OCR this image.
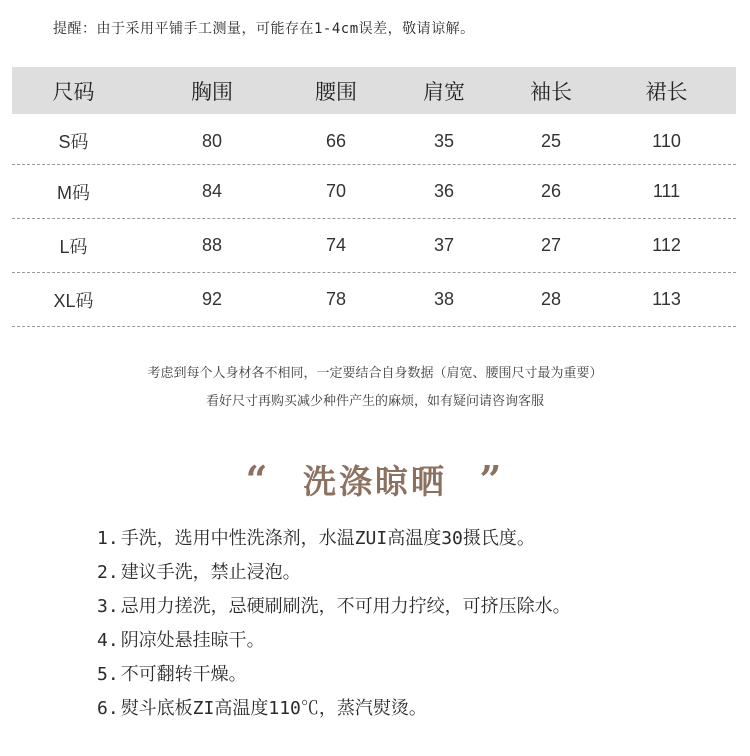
提醒：由于采用平铺手工测量，可能存在1-4cm误差，敬请谅解。
尺码	胸围	腰围	肩宽	袖长	裙长
S码	80	66	35	25	110
M码	84	70	36	26	111
L码	88	74	37	27	112
XL码	92	78	38	28	113
考虑到每个人身材各不相同，一定要结合自身数据（肩宽、腰围尺寸最为重要）
看好尺寸再购买减少种件产生的麻烦，如有疑问请咨询客服
“ 洗涤晾晒 ”
1. 手洗，选用中性洗涤剂，水温ZUI高温度30摄氏度。
2. 建议手洗，禁止浸泡。
3. 忌用力搓洗，忌硬刷刷洗，不可用力拧绞，可挤压除水。
4. 阴凉处悬挂晾干。
5. 不可翻转干燥。
6. 熨斗底板ZI高温度110℃，蒸汽熨烫。
